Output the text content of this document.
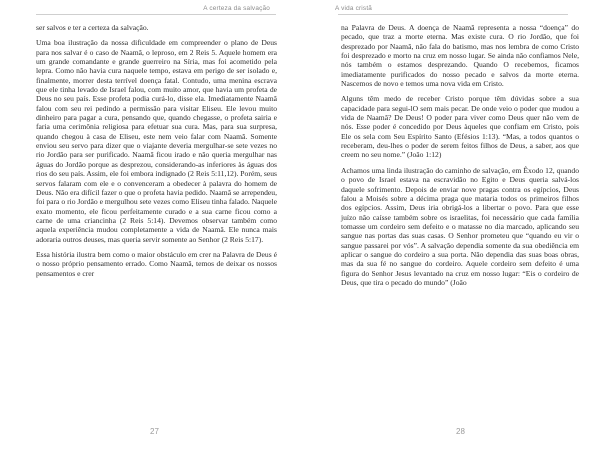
A certeza da salvação

ser salvos e ter a certeza da salvação.

Uma boa ilustração da nossa dificuldade em compreender o plano de Deus para nos salvar é o caso de Naamã, o leproso, em 2 Reis 5. Aquele homem era um grande comandante e grande guerreiro na Síria, mas foi acometido pela lepra. Como não havia cura naquele tempo, estava em perigo de ser isolado e, finalmente, morrer desta terrível doença fatal. Contudo, uma menina escrava que ele tinha levado de Israel falou, com muito amor, que havia um profeta de Deus no seu país. Esse profeta podia curá-lo, disse ela. Imediatamente Naamã falou com seu rei pedindo a permissão para visitar Eliseu. Ele levou muito dinheiro para pagar a cura, pensando que, quando chegasse, o profeta sairia e faria uma cerimônia religiosa para efetuar sua cura. Mas, para sua surpresa, quando chegou à casa de Eliseu, este nem veio falar com Naamã. Somente enviou seu servo para dizer que o viajante deveria mergulhar-se sete vezes no rio Jordão para ser purificado. Naamã ficou irado e não queria mergulhar nas águas do Jordão porque as desprezou, considerando-as inferiores às águas dos rios do seu país. Assim, ele foi embora indignado (2 Reis 5:11,12). Porém, seus servos falaram com ele e o convenceram a obedecer à palavra do homem de Deus. Não era difícil fazer o que o profeta havia pedido. Naamã se arrependeu, foi para o rio Jordão e mergulhou sete vezes como Eliseu tinha falado. Naquele exato momento, ele ficou perfeitamente curado e a sua carne ficou como a carne de uma criancinha (2 Reis 5:14). Devemos observar também como aquela experiência mudou completamente a vida de Naamã. Ele nunca mais adoraria outros deuses, mas queria servir somente ao Senhor (2 Reis 5:17).

Essa história ilustra bem como o maior obstáculo em crer na Palavra de Deus é o nosso próprio pensamento errado. Como Naamã, temos de deixar os nossos pensamentos e crer

27
A vida cristã

na Palavra de Deus. A doença de Naamã representa a nossa “doença” do pecado, que traz a morte eterna. Mas existe cura. O rio Jordão, que foi desprezado por Naamã, não fala do batismo, mas nos lembra de como Cristo foi desprezado e morto na cruz em nosso lugar. Se ainda não confiamos Nele, nós também o estamos desprezando. Quando O recebemos, ficamos imediatamente purificados do nosso pecado e salvos da morte eterna. Nascemos de novo e temos uma nova vida em Cristo.

Alguns têm medo de receber Cristo porque têm dúvidas sobre a sua capacidade para segui-lO sem mais pecar. De onde veio o poder que mudou a vida de Naamã? De Deus! O poder para viver como Deus quer não vem de nós. Esse poder é concedido por Deus àqueles que confiam em Cristo, pois Ele os sela com Seu Espírito Santo (Efésios 1:13). “Mas, a todos quantos o receberam, deu-lhes o poder de serem feitos filhos de Deus, a saber, aos que creem no seu nome.” (João 1:12)

Achamos uma linda ilustração do caminho de salvação, em Êxodo 12, quando o povo de Israel estava na escravidão no Egito e Deus queria salvá-los daquele sofrimento. Depois de enviar nove pragas contra os egípcios, Deus falou a Moisés sobre a décima praga que mataria todos os primeiros filhos dos egípcios. Assim, Deus iria obrigá-los a libertar o povo. Para que esse juízo não caísse também sobre os israelitas, foi necessário que cada família tomasse um cordeiro sem defeito e o matasse no dia marcado, aplicando seu sangue nas portas das suas casas. O Senhor prometeu que “quando eu vir o sangue passarei por vós”. A salvação dependia somente da sua obediência em aplicar o sangue do cordeiro a sua porta. Não dependia das suas boas obras, mas da sua fé no sangue do cordeiro. Aquele cordeiro sem defeito é uma figura do Senhor Jesus levantado na cruz em nosso lugar: “Eis o cordeiro de Deus, que tira o pecado do mundo” (João

28
